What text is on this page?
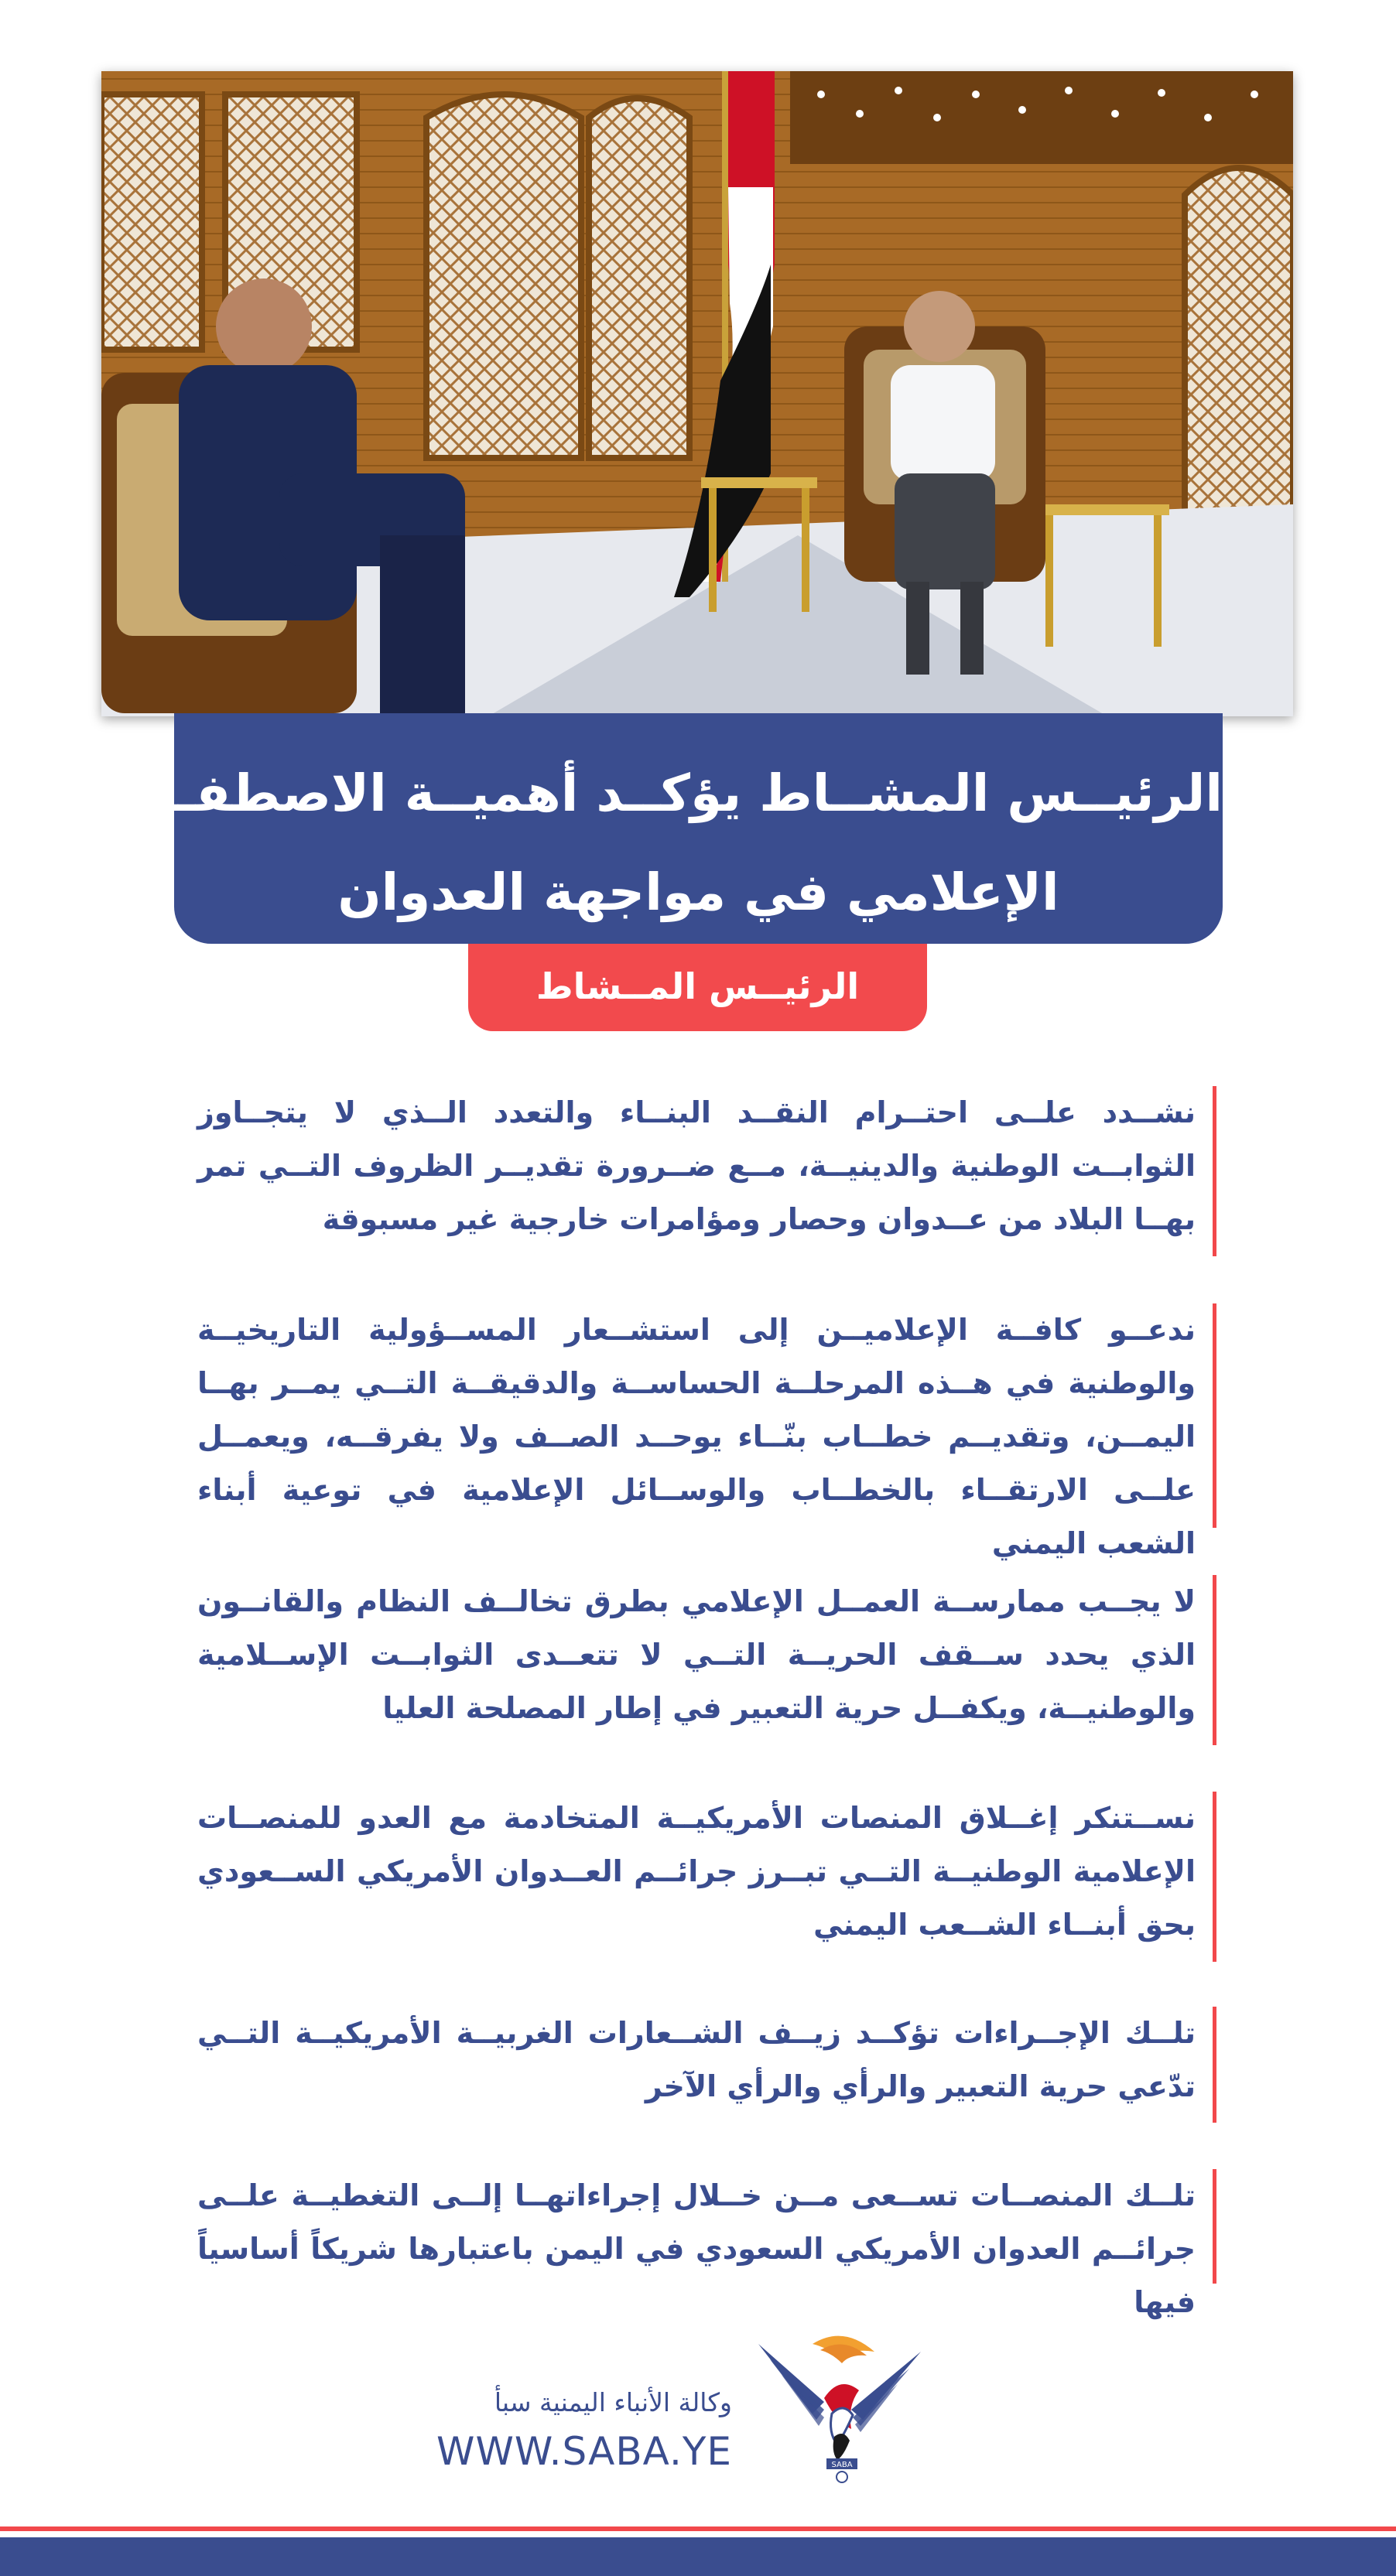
الرئيــس المشــاط يؤكــد أهميــة الاصطفــاف
الإعلامي في مواجهة العدوان
الرئيــس المــشاط
نشــدد علــى احتــرام النقــد البنــاء والتعدد الــذي لا يتجــاوز الثوابــت الوطنية والدينيــة، مــع ضــرورة تقديــر الظروف التــي تمر بهــا البلاد من عــدوان وحصار ومؤامرات خارجية غير مسبوقة
ندعــو كافــة الإعلاميــن إلى استشــعار المســؤولية التاريخيــة والوطنية في هــذه المرحلــة الحساســة والدقيقــة التــي يمــر بهــا اليمــن، وتقديــم خطــاب بنّــاء يوحــد الصــف ولا يفرقــه، ويعمــل علــى الارتقــاء بالخطــاب والوســائل الإعلامية في توعية أبناء الشعب اليمني
لا يجــب ممارســة العمــل الإعلامي بطرق تخالــف النظام والقانــون الذي يحدد ســقف الحريــة التــي لا تتعــدى الثوابــت الإســلامية والوطنيــة، ويكفــل حرية التعبير في إطار المصلحة العليا
نســتنكر إغــلاق المنصات الأمريكيــة المتخادمة مع العدو للمنصــات الإعلامية الوطنيــة التــي تبــرز جرائــم العــدوان الأمريكي الســعودي بحق أبنــاء الشــعب اليمني
تلــك الإجــراءات تؤكــد زيــف الشــعارات الغربيــة الأمريكيــة التــي تدّعي حرية التعبير والرأي والرأي الآخر
تلــك المنصــات تســعى مــن خــلال إجراءاتهــا إلــى التغطيــة علــى جرائــم العدوان الأمريكي السعودي في اليمن باعتبارها شريكاً أساسياً فيها
وكالة الأنباء اليمنية سبأ
WWW.SABA.YE	SABA
